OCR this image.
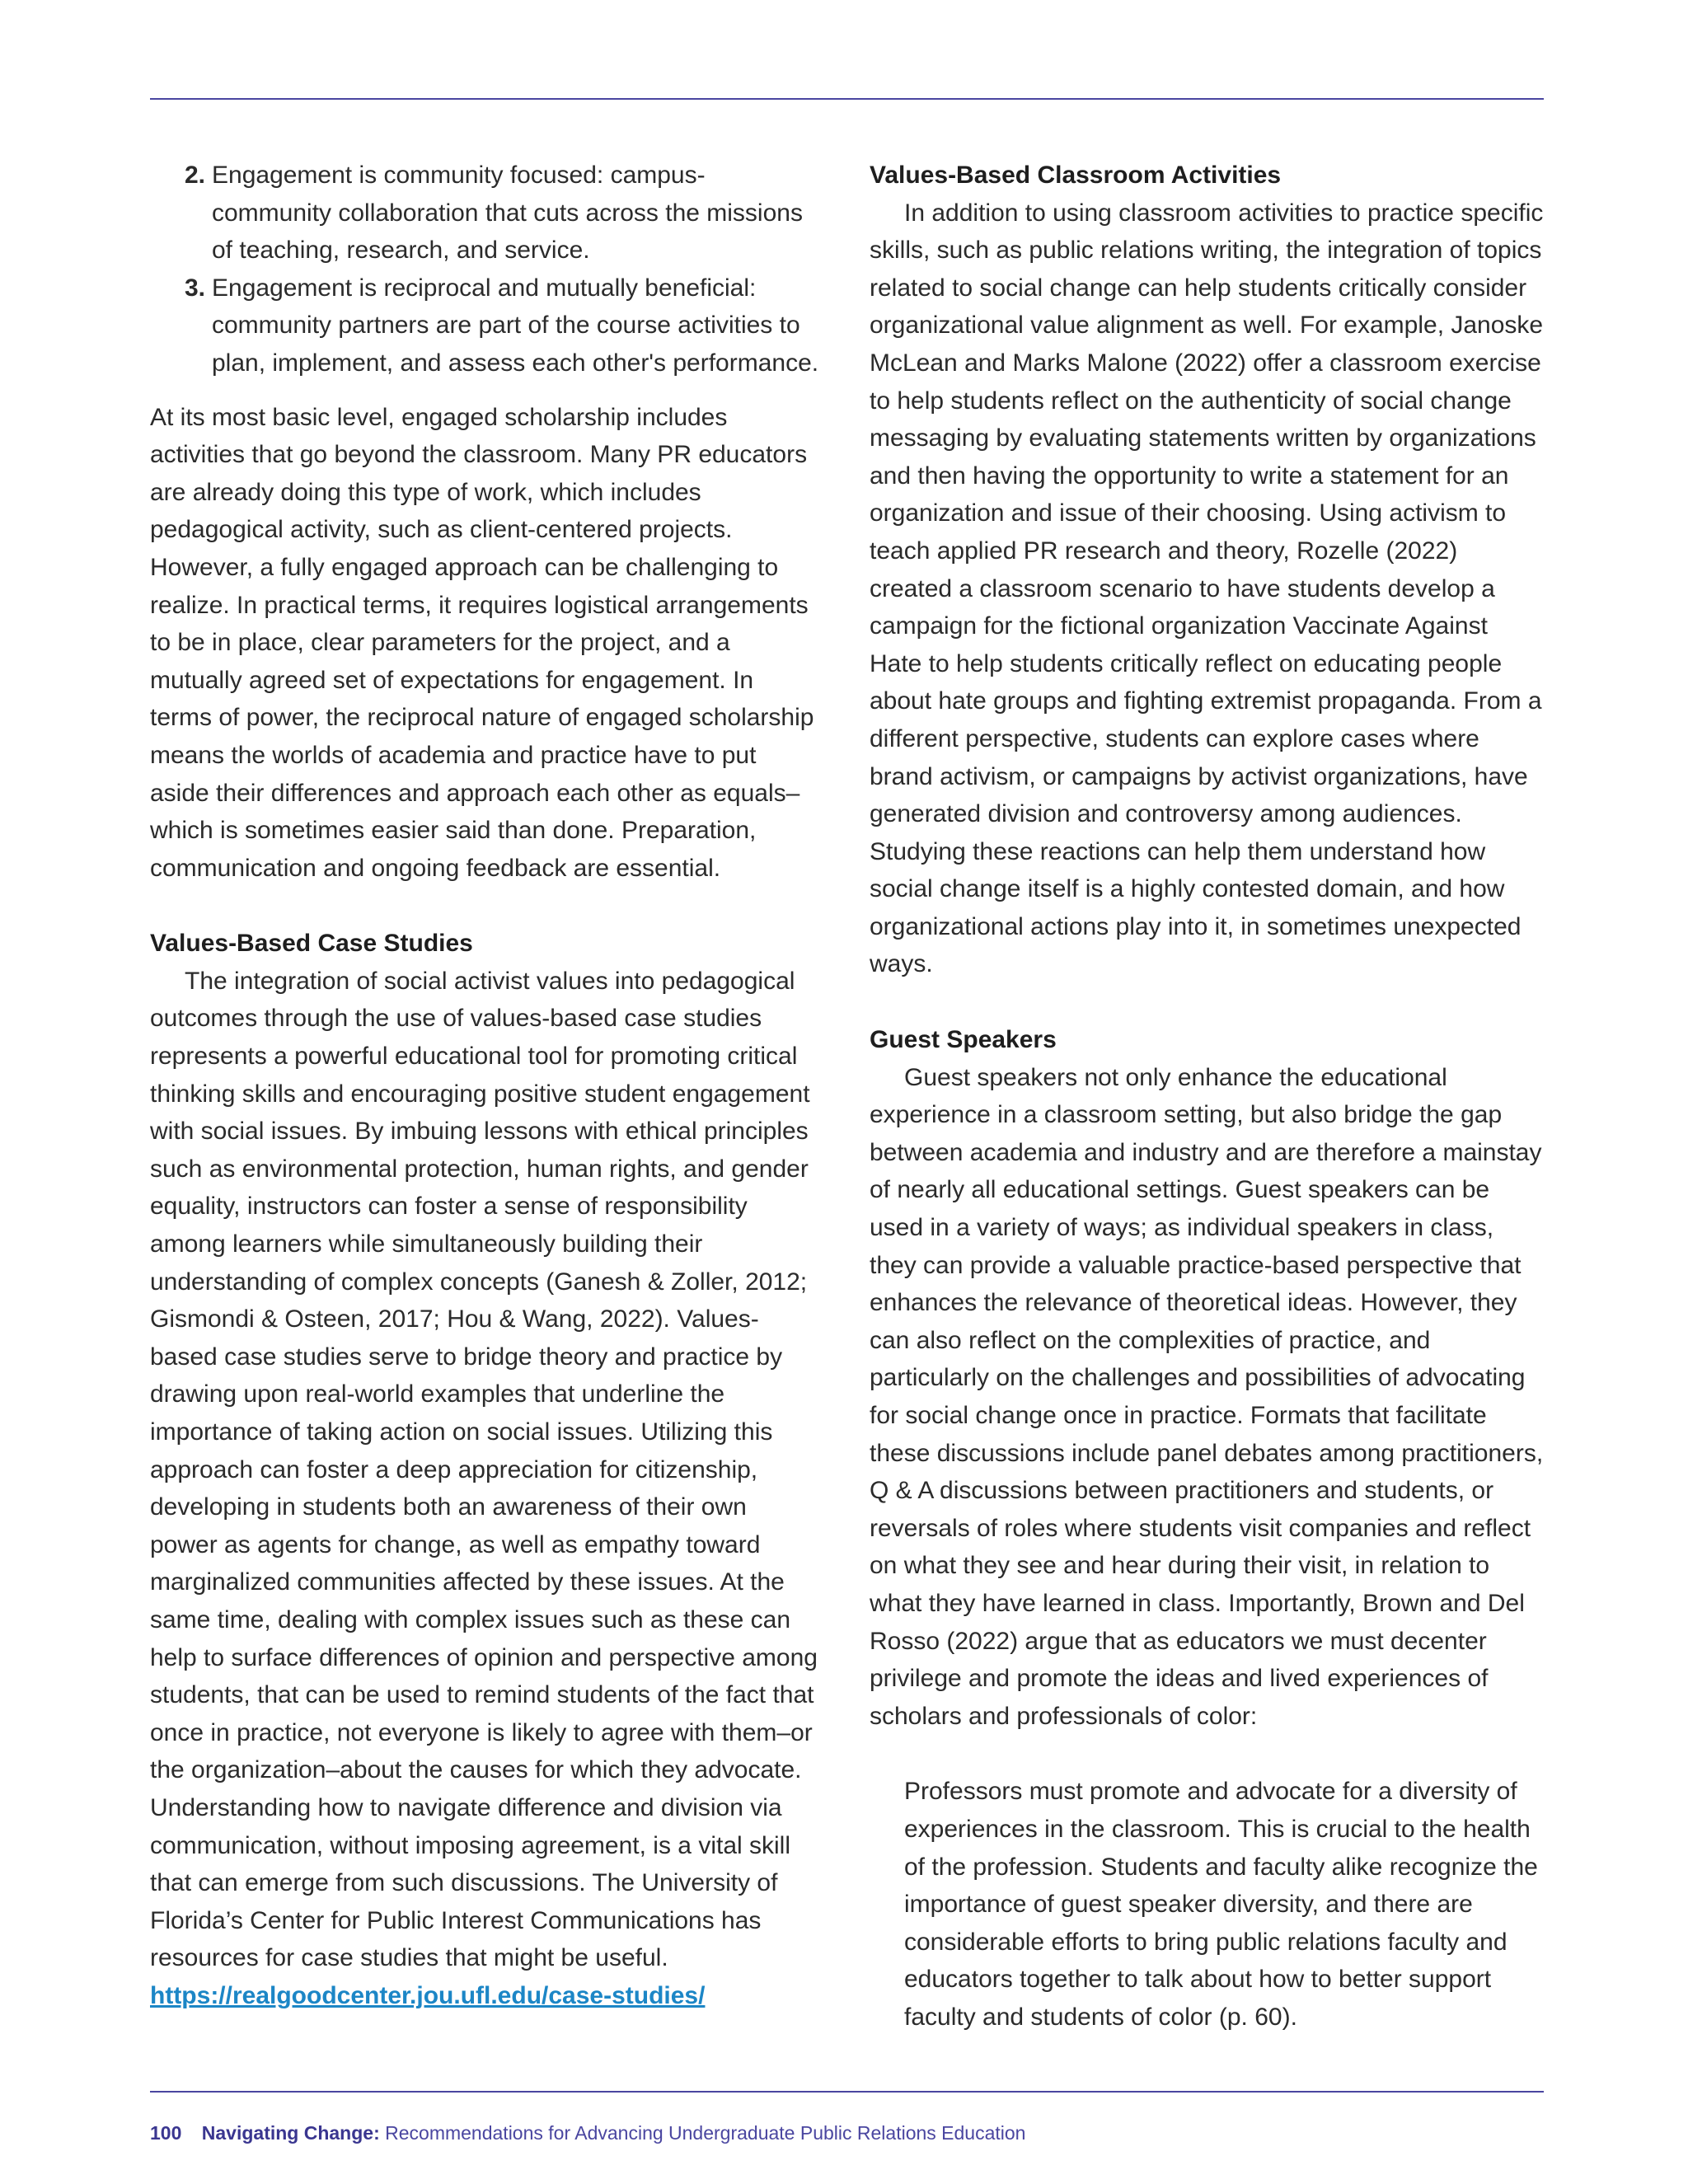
2. Engagement is community focused: campus-community collaboration that cuts across the missions of teaching, research, and service.
3. Engagement is reciprocal and mutually beneficial: community partners are part of the course activities to plan, implement, and assess each other's performance.

At its most basic level, engaged scholarship includes activities that go beyond the classroom. Many PR educators are already doing this type of work, which includes pedagogical activity, such as client-centered projects. However, a fully engaged approach can be challenging to realize. In practical terms, it requires logistical arrangements to be in place, clear parameters for the project, and a mutually agreed set of expectations for engagement. In terms of power, the reciprocal nature of engaged scholarship means the worlds of academia and practice have to put aside their differences and approach each other as equals–which is sometimes easier said than done. Preparation, communication and ongoing feedback are essential.

Values-Based Case Studies

The integration of social activist values into pedagogical outcomes through the use of values-based case studies represents a powerful educational tool for promoting critical thinking skills and encouraging positive student engagement with social issues. By imbuing lessons with ethical principles such as environmental protection, human rights, and gender equality, instructors can foster a sense of responsibility among learners while simultaneously building their understanding of complex concepts (Ganesh & Zoller, 2012; Gismondi & Osteen, 2017; Hou & Wang, 2022). Values-based case studies serve to bridge theory and practice by drawing upon real-world examples that underline the importance of taking action on social issues. Utilizing this approach can foster a deep appreciation for citizenship, developing in students both an awareness of their own power as agents for change, as well as empathy toward marginalized communities affected by these issues. At the same time, dealing with complex issues such as these can help to surface differences of opinion and perspective among students, that can be used to remind students of the fact that once in practice, not everyone is likely to agree with them–or the organization–about the causes for which they advocate. Understanding how to navigate difference and division via communication, without imposing agreement, is a vital skill that can emerge from such discussions. The University of Florida’s Center for Public Interest Communications has resources for case studies that might be useful.

https://realgoodcenter.jou.ufl.edu/case-studies/
Values-Based Classroom Activities

In addition to using classroom activities to practice specific skills, such as public relations writing, the integration of topics related to social change can help students critically consider organizational value alignment as well. For example, Janoske McLean and Marks Malone (2022) offer a classroom exercise to help students reflect on the authenticity of social change messaging by evaluating statements written by organizations and then having the opportunity to write a statement for an organization and issue of their choosing. Using activism to teach applied PR research and theory, Rozelle (2022) created a classroom scenario to have students develop a campaign for the fictional organization Vaccinate Against Hate to help students critically reflect on educating people about hate groups and fighting extremist propaganda. From a different perspective, students can explore cases where brand activism, or campaigns by activist organizations, have generated division and controversy among audiences. Studying these reactions can help them understand how social change itself is a highly contested domain, and how organizational actions play into it, in sometimes unexpected ways.

Guest Speakers

Guest speakers not only enhance the educational experience in a classroom setting, but also bridge the gap between academia and industry and are therefore a mainstay of nearly all educational settings. Guest speakers can be used in a variety of ways; as individual speakers in class, they can provide a valuable practice-based perspective that enhances the relevance of theoretical ideas. However, they can also reflect on the complexities of practice, and particularly on the challenges and possibilities of advocating for social change once in practice. Formats that facilitate these discussions include panel debates among practitioners, Q & A discussions between practitioners and students, or reversals of roles where students visit companies and reflect on what they see and hear during their visit, in relation to what they have learned in class. Importantly, Brown and Del Rosso (2022) argue that as educators we must decenter privilege and promote the ideas and lived experiences of scholars and professionals of color:

Professors must promote and advocate for a diversity of experiences in the classroom. This is crucial to the health of the profession. Students and faculty alike recognize the importance of guest speaker diversity, and there are considerable efforts to bring public relations faculty and educators together to talk about how to better support faculty and students of color (p. 60).
100 Navigating Change: Recommendations for Advancing Undergraduate Public Relations Education
